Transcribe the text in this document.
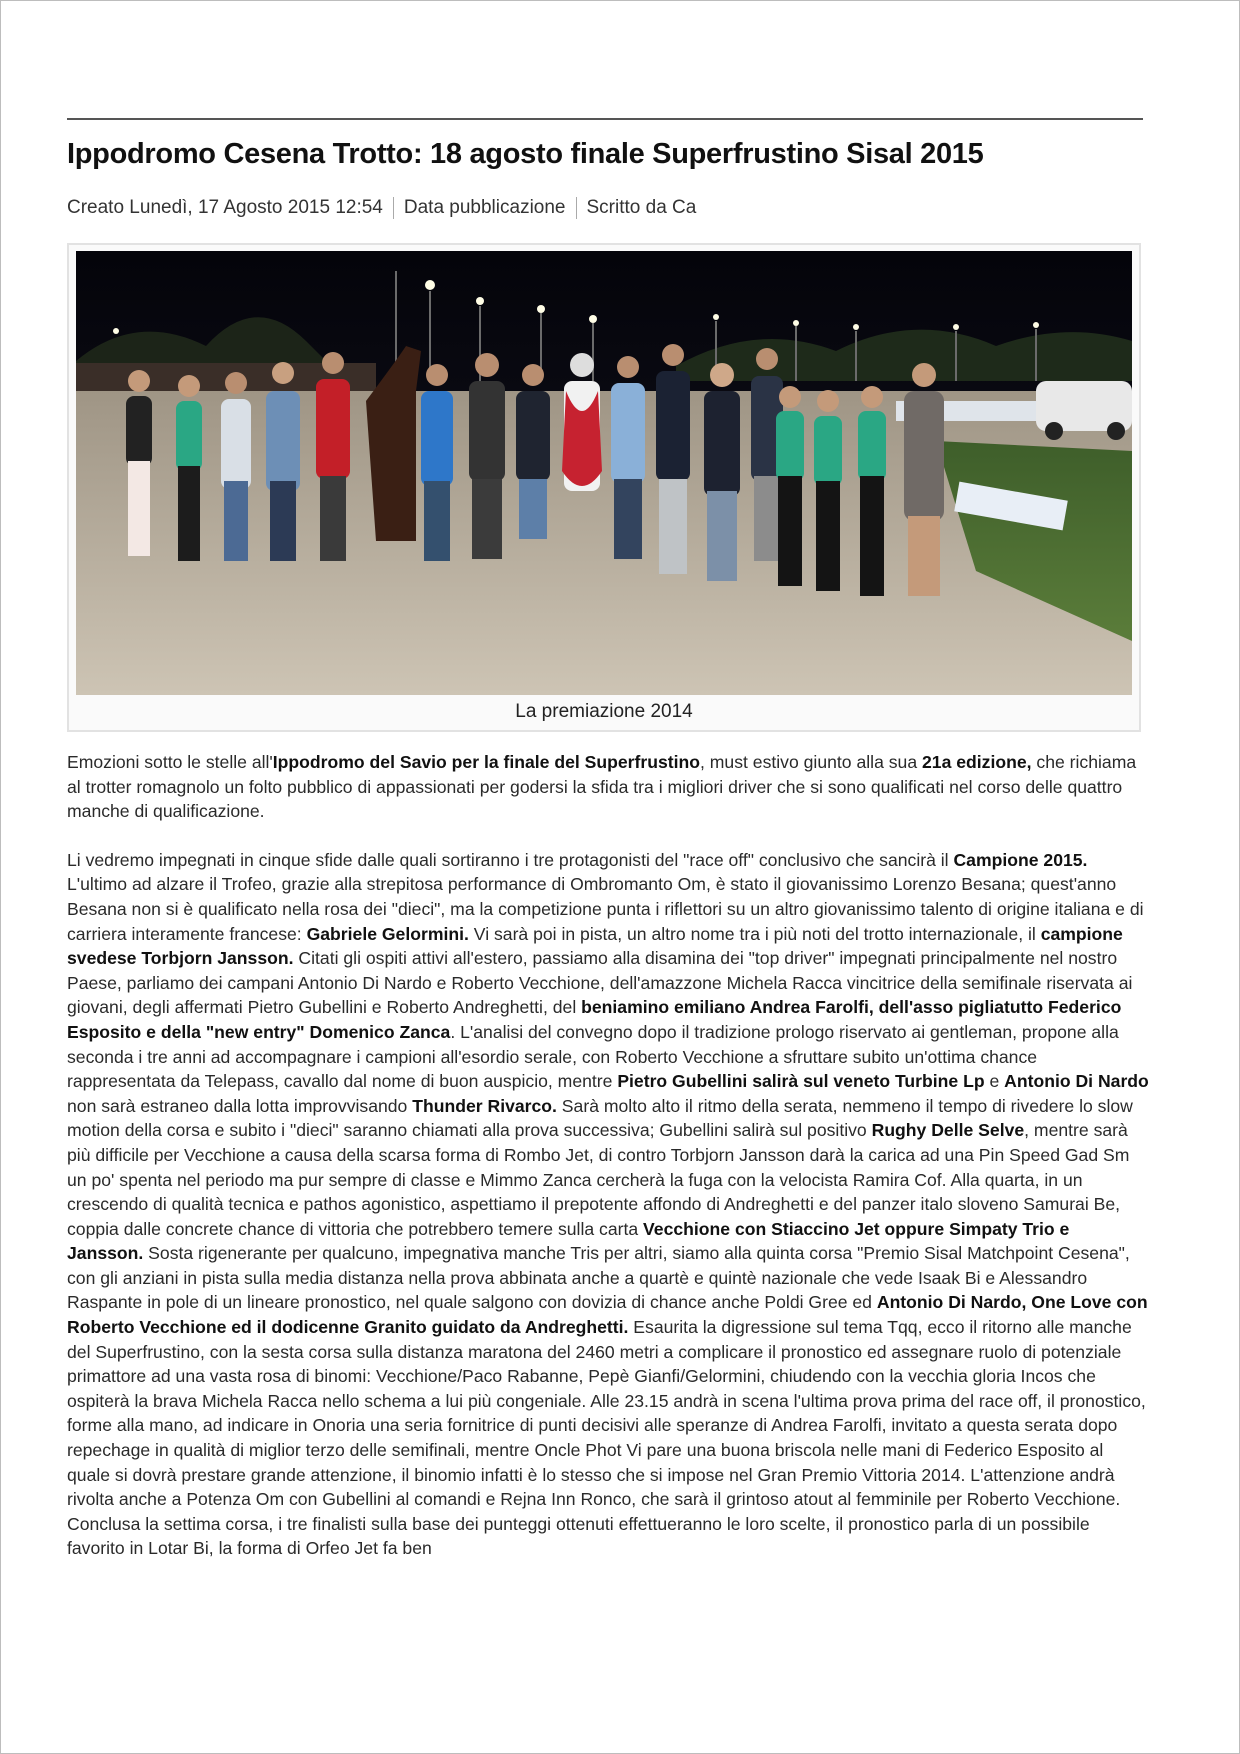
Ippodromo Cesena Trotto: 18 agosto finale Superfrustino Sisal 2015
Creato Lunedì, 17 Agosto 2015 12:54 Data pubblicazione Scritto da Ca
La premiazione 2014

Emozioni sotto le stelle all'Ippodromo del Savio per la finale del Superfrustino, must estivo giunto alla sua 21a edizione, che richiama al trotter romagnolo un folto pubblico di appassionati per godersi la sfida tra i migliori driver che si sono qualificati nel corso delle quattro manche di qualificazione.

Li vedremo impegnati in cinque sfide dalle quali sortiranno i tre protagonisti del "race off" conclusivo che sancirà il Campione 2015.

L'ultimo ad alzare il Trofeo, grazie alla strepitosa performance di Ombromanto Om, è stato il giovanissimo Lorenzo Besana; quest'anno Besana non si è qualificato nella rosa dei "dieci", ma la competizione punta i riflettori su un altro giovanissimo talento di origine italiana e di carriera interamente francese: Gabriele Gelormini. Vi sarà poi in pista, un altro nome tra i più noti del trotto internazionale, il campione svedese Torbjorn Jansson. Citati gli ospiti attivi all'estero, passiamo alla disamina dei "top driver" impegnati principalmente nel nostro Paese, parliamo dei campani Antonio Di Nardo e Roberto Vecchione, dell'amazzone Michela Racca vincitrice della semifinale riservata ai giovani, degli affermati Pietro Gubellini e Roberto Andreghetti, del beniamino emiliano Andrea Farolfi, dell'asso pigliatutto Federico Esposito e della "new entry" Domenico Zanca. L'analisi del convegno dopo il tradizione prologo riservato ai gentleman, propone alla seconda i tre anni ad accompagnare i campioni all'esordio serale, con Roberto Vecchione a sfruttare subito un'ottima chance rappresentata da Telepass, cavallo dal nome di buon auspicio, mentre Pietro Gubellini salirà sul veneto Turbine Lp e Antonio Di Nardo non sarà estraneo dalla lotta improvvisando Thunder Rivarco. Sarà molto alto il ritmo della serata, nemmeno il tempo di rivedere lo slow motion della corsa e subito i "dieci" saranno chiamati alla prova successiva; Gubellini salirà sul positivo Rughy Delle Selve, mentre sarà più difficile per Vecchione a causa della scarsa forma di Rombo Jet, di contro Torbjorn Jansson darà la carica ad una Pin Speed Gad Sm un po' spenta nel periodo ma pur sempre di classe e Mimmo Zanca cercherà la fuga con la velocista Ramira Cof. Alla quarta, in un crescendo di qualità tecnica e pathos agonistico, aspettiamo il prepotente affondo di Andreghetti e del panzer italo sloveno Samurai Be, coppia dalle concrete chance di vittoria che potrebbero temere sulla carta Vecchione con Stiaccino Jet oppure Simpaty Trio e Jansson. Sosta rigenerante per qualcuno, impegnativa manche Tris per altri, siamo alla quinta corsa "Premio Sisal Matchpoint Cesena", con gli anziani in pista sulla media distanza nella prova abbinata anche a quartè e quintè nazionale che vede Isaak Bi e Alessandro Raspante in pole di un lineare pronostico, nel quale salgono con dovizia di chance anche Poldi Gree ed Antonio Di Nardo, One Love con Roberto Vecchione ed il dodicenne Granito guidato da Andreghetti. Esaurita la digressione sul tema Tqq, ecco il ritorno alle manche del Superfrustino, con la sesta corsa sulla distanza maratona del 2460 metri a complicare il pronostico ed assegnare ruolo di potenziale primattore ad una vasta rosa di binomi: Vecchione/Paco Rabanne, Pepè Gianfi/Gelormini, chiudendo con la vecchia gloria Incos che ospiterà la brava Michela Racca nello schema a lui più congeniale. Alle 23.15 andrà in scena l'ultima prova prima del race off, il pronostico, forme alla mano, ad indicare in Onoria una seria fornitrice di punti decisivi alle speranze di Andrea Farolfi, invitato a questa serata dopo repechage in qualità di miglior terzo delle semifinali, mentre Oncle Phot Vi pare una buona briscola nelle mani di Federico Esposito al quale si dovrà prestare grande attenzione, il binomio infatti è lo stesso che si impose nel Gran Premio Vittoria 2014. L'attenzione andrà rivolta anche a Potenza Om con Gubellini al comandi e Rejna Inn Ronco, che sarà il grintoso atout al femminile per Roberto Vecchione. Conclusa la settima corsa, i tre finalisti sulla base dei punteggi ottenuti effettueranno le loro scelte, il pronostico parla di un possibile favorito in Lotar Bi, la forma di Orfeo Jet fa ben
